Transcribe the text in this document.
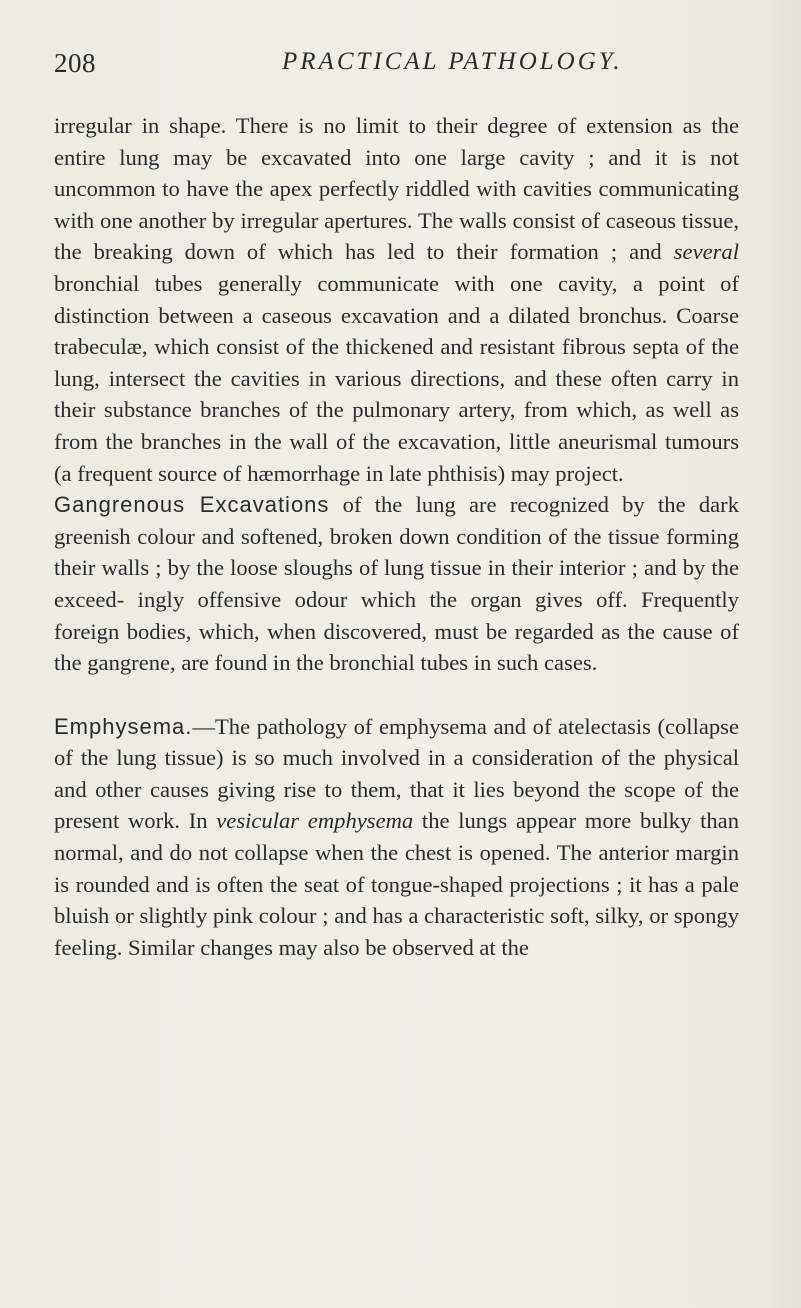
208	PRACTICAL PATHOLOGY.

irregular in shape. There is no limit to their degree of extension as the entire lung may be excavated into one large cavity ; and it is not uncommon to have the apex perfectly riddled with cavities communicating with one another by irregular apertures. The walls consist of caseous tissue, the breaking down of which has led to their formation ; and several bronchial tubes generally communicate with one cavity, a point of distinction between a caseous excavation and a dilated bronchus. Coarse trabeculæ, which consist of the thickened and resistant fibrous septa of the lung, intersect the cavities in various directions, and these often carry in their substance branches of the pulmonary artery, from which, as well as from the branches in the wall of the excavation, little aneurismal tumours (a frequent source of hæmorrhage in late phthisis) may project.

Gangrenous Excavations of the lung are recognized by the dark greenish colour and softened, broken down condition of the tissue forming their walls ; by the loose sloughs of lung tissue in their interior ; and by the exceed- ingly offensive odour which the organ gives off. Frequently foreign bodies, which, when discovered, must be regarded as the cause of the gangrene, are found in the bronchial tubes in such cases.

Emphysema.—The pathology of emphysema and of atelectasis (collapse of the lung tissue) is so much involved in a consideration of the physical and other causes giving rise to them, that it lies beyond the scope of the present work. In vesicular emphysema the lungs appear more bulky than normal, and do not collapse when the chest is opened. The anterior margin is rounded and is often the seat of tongue-shaped projections ; it has a pale bluish or slightly pink colour ; and has a characteristic soft, silky, or spongy feeling. Similar changes may also be observed at the
